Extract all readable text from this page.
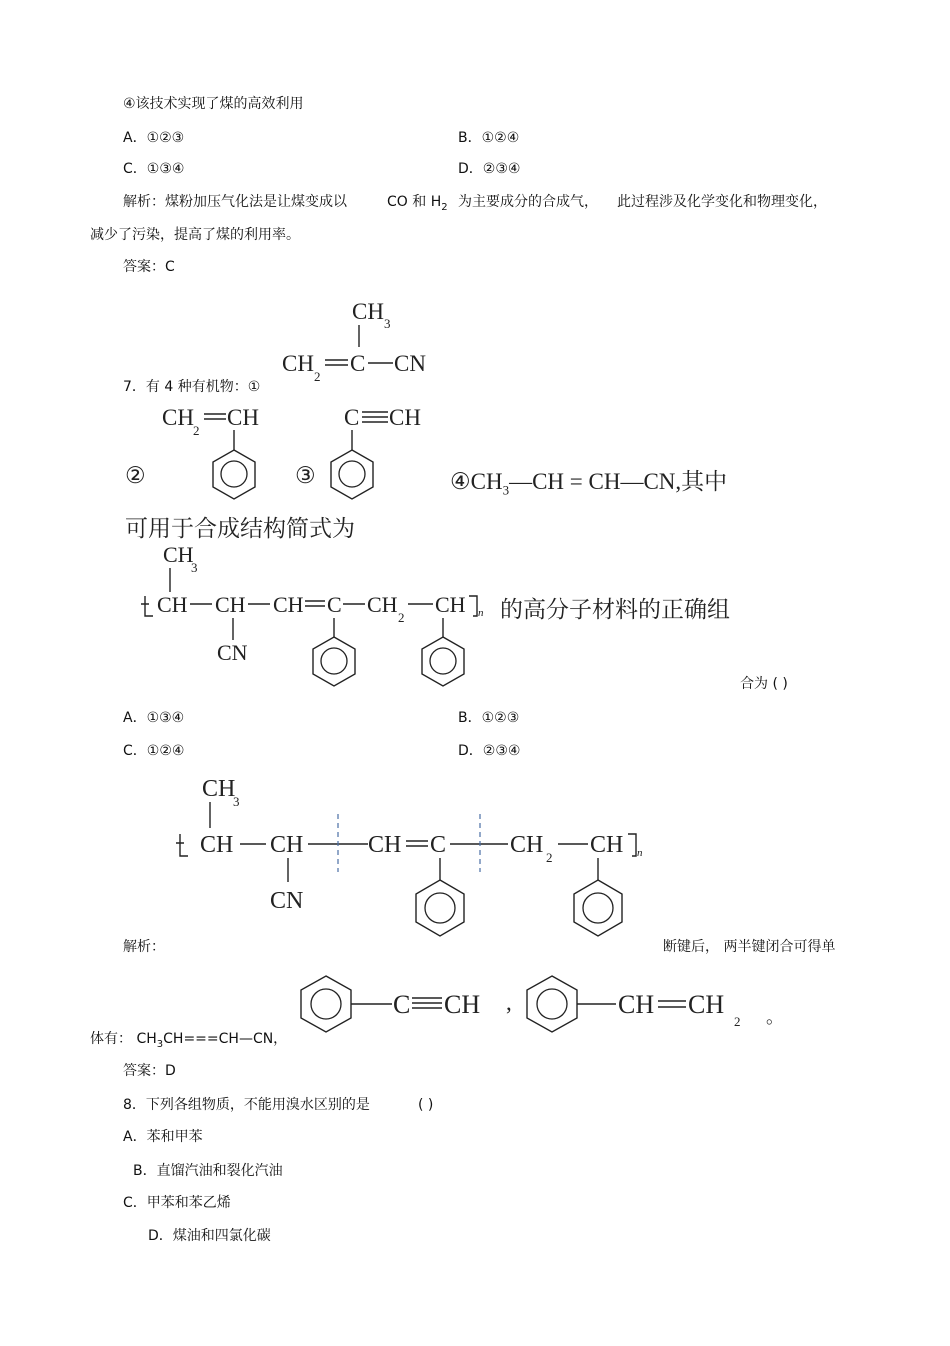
④该技术实现了煤的高效利用
A．①②③	B．①②④
C．①③④	D．②③④
解析：煤粉加压气化法是让煤变成以	CO 和 $H_2$ 为主要成分的合成气， 此过程涉及化学变化和物理变化，
减少了污染，提高了煤的利用率。
答案：C
CH 3
CH
2
C CN
7．有 4 种有机物：①
②
CH
2
CH
③
C CH
$④CH_3—CH$ = CH—CN,其中
可用于合成结构简式为
CH
3
CH CH
CN
CH C CH
2
CH n 的高分子材料的正确组
合为 ( )
A．①③④	B．①②③
C．①②④	D．②③④
CH
3
CH CH
CN
CH C	CH 2 CH n
解析：	断键后， 两半键闭合可得单
C CH ,	CH CH
2 。
体有： $CH_3CH===CH—CN$，
答案：D
8．下列各组物质，不能用溴水区别的是	( )
A．苯和甲苯
B．直馏汽油和裂化汽油
C．甲苯和苯乙烯
D．煤油和四氯化碳
